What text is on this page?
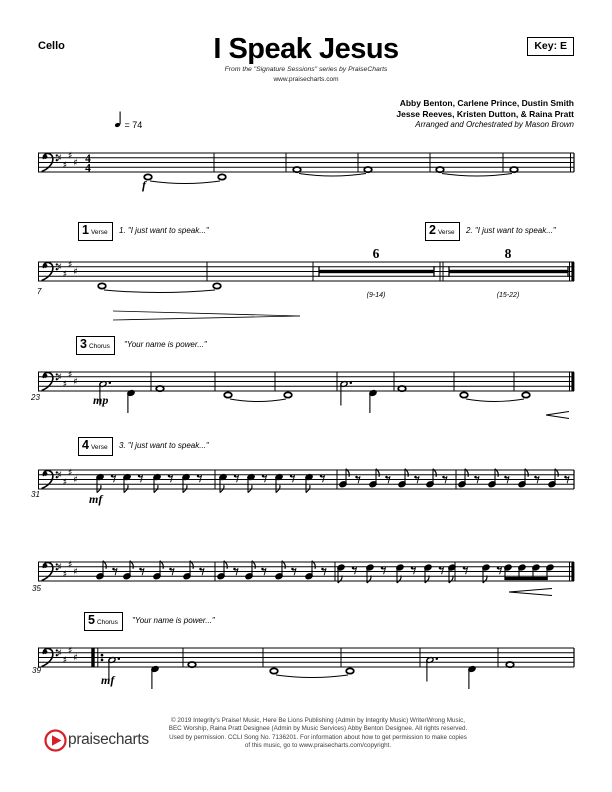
♯
♯
♯
♯
♯
♯
♯
♯
♯
♯
♯
♯
♯
♯
♯
♯
♯
♯
♯
♯
♯
♯
♯
♯
= 74
4
4
f
mp
mf
mf
7
23
31
35
39
6
(9-14)
8
(15-22)
Cello	I Speak Jesus
From the "Signature Sessions" series by PraiseCharts
www.praisecharts.com
Key: E
Abby Benton, Carlene Prince, Dustin Smith
Jesse Reeves, Kristen Dutton, & Raina Pratt
Arranged and Orchestrated by Mason Brown
1 Verse 1. "I just want to speak..."	2 Verse 2. "I just want to speak..."
3 Chorus "Your name is power..."
4 Verse 3. "I just want to speak..."
5 Chorus "Your name is power..."
praisecharts
© 2019 Integrity's Praise! Music, Here Be Lions Publishing (Admin by Integrity Music) WriterWrong Music,
BEC Worship, Raina Pratt Designee (Admin by Music Services) Abby Benton Designee. All rights reserved.
Used by permission. CCLI Song No. 7136201. For information about how to get permission to make copies
of this music, go to www.praisecharts.com/copyright.
